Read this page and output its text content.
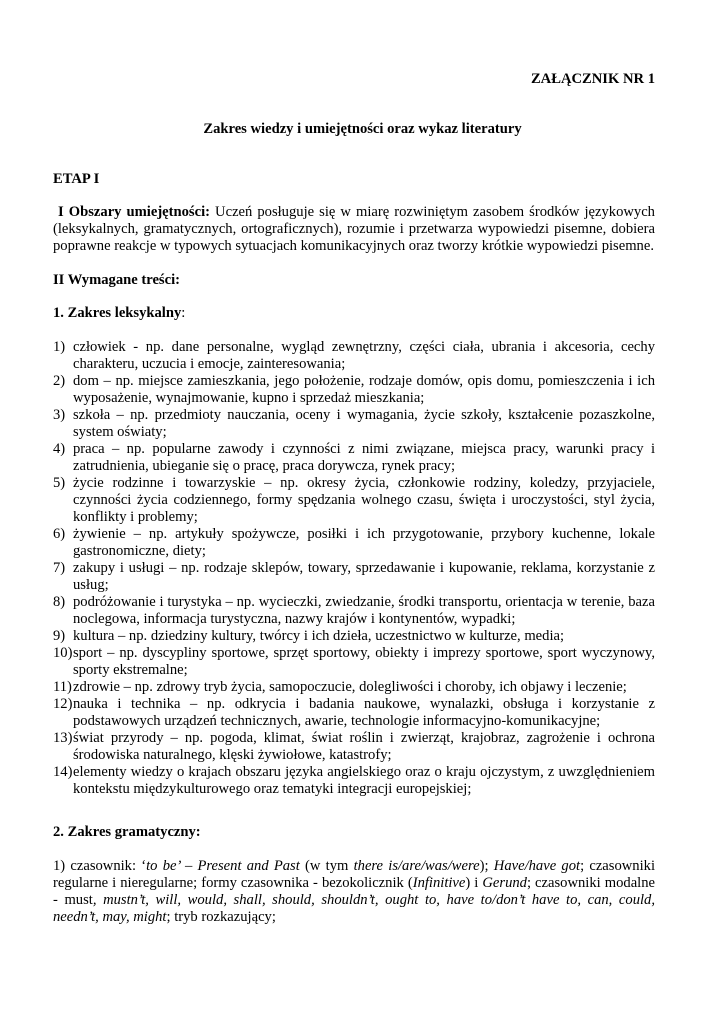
ZAŁĄCZNIK NR 1
Zakres wiedzy i umiejętności oraz wykaz literatury
ETAP I
I Obszary umiejętności: Uczeń posługuje się w miarę rozwiniętym zasobem środków językowych (leksykalnych, gramatycznych, ortograficznych), rozumie i przetwarza wypowiedzi pisemne, dobiera poprawne reakcje w typowych sytuacjach komunikacyjnych oraz tworzy krótkie wypowiedzi pisemne.
II Wymagane treści:
1. Zakres leksykalny:
1) człowiek - np. dane personalne, wygląd zewnętrzny, części ciała, ubrania i akcesoria, cechy charakteru, uczucia i emocje, zainteresowania;
2) dom – np. miejsce zamieszkania, jego położenie, rodzaje domów, opis domu, pomieszczenia i ich wyposażenie, wynajmowanie, kupno i sprzedaż mieszkania;
3) szkoła – np. przedmioty nauczania, oceny i wymagania, życie szkoły, kształcenie pozaszkolne, system oświaty;
4) praca – np. popularne zawody i czynności z nimi związane, miejsca pracy, warunki pracy i zatrudnienia, ubieganie się o pracę, praca dorywcza, rynek pracy;
5) życie rodzinne i towarzyskie – np. okresy życia, członkowie rodziny, koledzy, przyjaciele, czynności życia codziennego, formy spędzania wolnego czasu, święta i uroczystości, styl życia, konflikty i problemy;
6) żywienie – np. artykuły spożywcze, posiłki i ich przygotowanie, przybory kuchenne, lokale gastronomiczne, diety;
7) zakupy i usługi – np. rodzaje sklepów, towary, sprzedawanie i kupowanie, reklama, korzystanie z usług;
8) podróżowanie i turystyka – np. wycieczki, zwiedzanie, środki transportu, orientacja w terenie, baza noclegowa, informacja turystyczna, nazwy krajów i kontynentów, wypadki;
9) kultura – np. dziedziny kultury, twórcy i ich dzieła, uczestnictwo w kulturze, media;
10) sport – np. dyscypliny sportowe, sprzęt sportowy, obiekty i imprezy sportowe, sport wyczynowy, sporty ekstremalne;
11) zdrowie – np. zdrowy tryb życia, samopoczucie, dolegliwości i choroby, ich objawy i leczenie;
12) nauka i technika – np. odkrycia i badania naukowe, wynalazki, obsługa i korzystanie z podstawowych urządzeń technicznych, awarie, technologie informacyjno-komunikacyjne;
13) świat przyrody – np. pogoda, klimat, świat roślin i zwierząt, krajobraz, zagrożenie i ochrona środowiska naturalnego, klęski żywiołowe, katastrofy;
14) elementy wiedzy o krajach obszaru języka angielskiego oraz o kraju ojczystym, z uwzględnieniem kontekstu międzykulturowego oraz tematyki integracji europejskiej;
2. Zakres gramatyczny:
1) czasownik: ‘to be’ – Present and Past (w tym there is/are/was/were); Have/have got; czasowniki regularne i nieregularne; formy czasownika - bezokolicznik (Infinitive) i Gerund; czasowniki modalne - must, mustn’t, will, would, shall, should, shouldn’t, ought to, have to/don’t have to, can, could, needn’t, may, might; tryb rozkazujący;
